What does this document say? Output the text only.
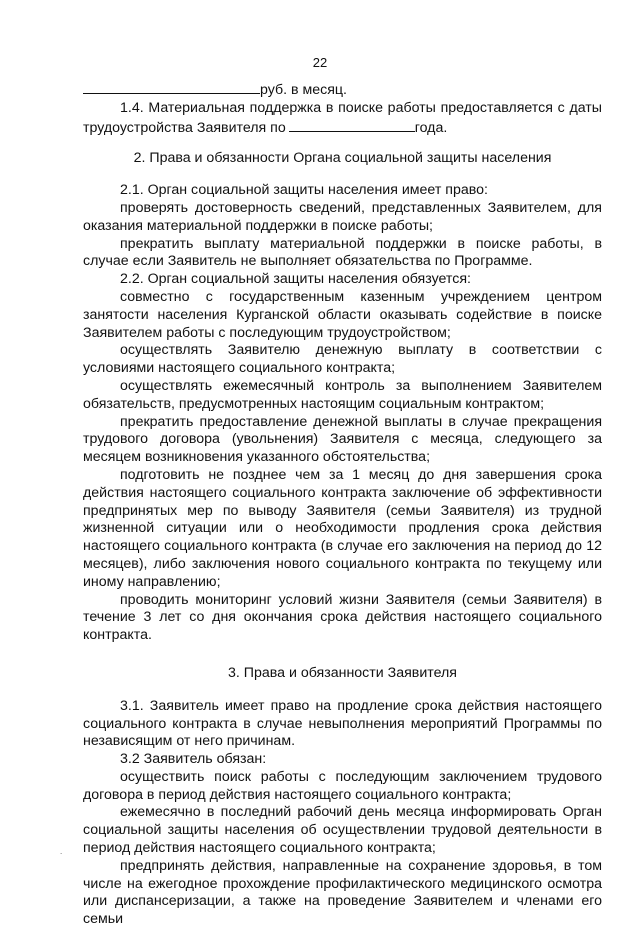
22

руб. в месяц.

1.4. Материальная поддержка в поиске работы предоставляется с даты трудоустройства Заявителя по	года.

2. Права и обязанности Органа социальной защиты населения

2.1. Орган социальной защиты населения имеет право:

проверять достоверность сведений, представленных Заявителем, для оказания материальной поддержки в поиске работы;

прекратить выплату материальной поддержки в поиске работы, в случае если Заявитель не выполняет обязательства по Программе.

2.2. Орган социальной защиты населения обязуется:

совместно с государственным казенным учреждением центром занятости населения Курганской области оказывать содействие в поиске Заявителем работы с последующим трудоустройством;

осуществлять Заявителю денежную выплату в соответствии с условиями настоящего социального контракта;

осуществлять ежемесячный контроль за выполнением Заявителем обязательств, предусмотренных настоящим социальным контрактом;

прекратить предоставление денежной выплаты в случае прекращения трудового договора (увольнения) Заявителя с месяца, следующего за месяцем возникновения указанного обстоятельства;

подготовить не позднее чем за 1 месяц до дня завершения срока действия настоящего социального контракта заключение об эффективности предпринятых мер по выводу Заявителя (семьи Заявителя) из трудной жизненной ситуации или о необходимости продления срока действия настоящего социального контракта (в случае его заключения на период до 12 месяцев), либо заключения нового социального контракта по текущему или иному направлению;

проводить мониторинг условий жизни Заявителя (семьи Заявителя) в течение 3 лет со дня окончания срока действия настоящего социального контракта.

3. Права и обязанности Заявителя

3.1. Заявитель имеет право на продление срока действия настоящего социального контракта в случае невыполнения мероприятий Программы по независящим от него причинам.

3.2 Заявитель обязан:

осуществить поиск работы с последующим заключением трудового договора в период действия настоящего социального контракта;

ежемесячно в последний рабочий день месяца информировать Орган социальной защиты населения об осуществлении трудовой деятельности в период действия настоящего социального контракта;

предпринять действия, направленные на сохранение здоровья, в том числе на ежегодное прохождение профилактического медицинского осмотра или диспансеризации, а также на проведение Заявителем и членами его семьи

.
